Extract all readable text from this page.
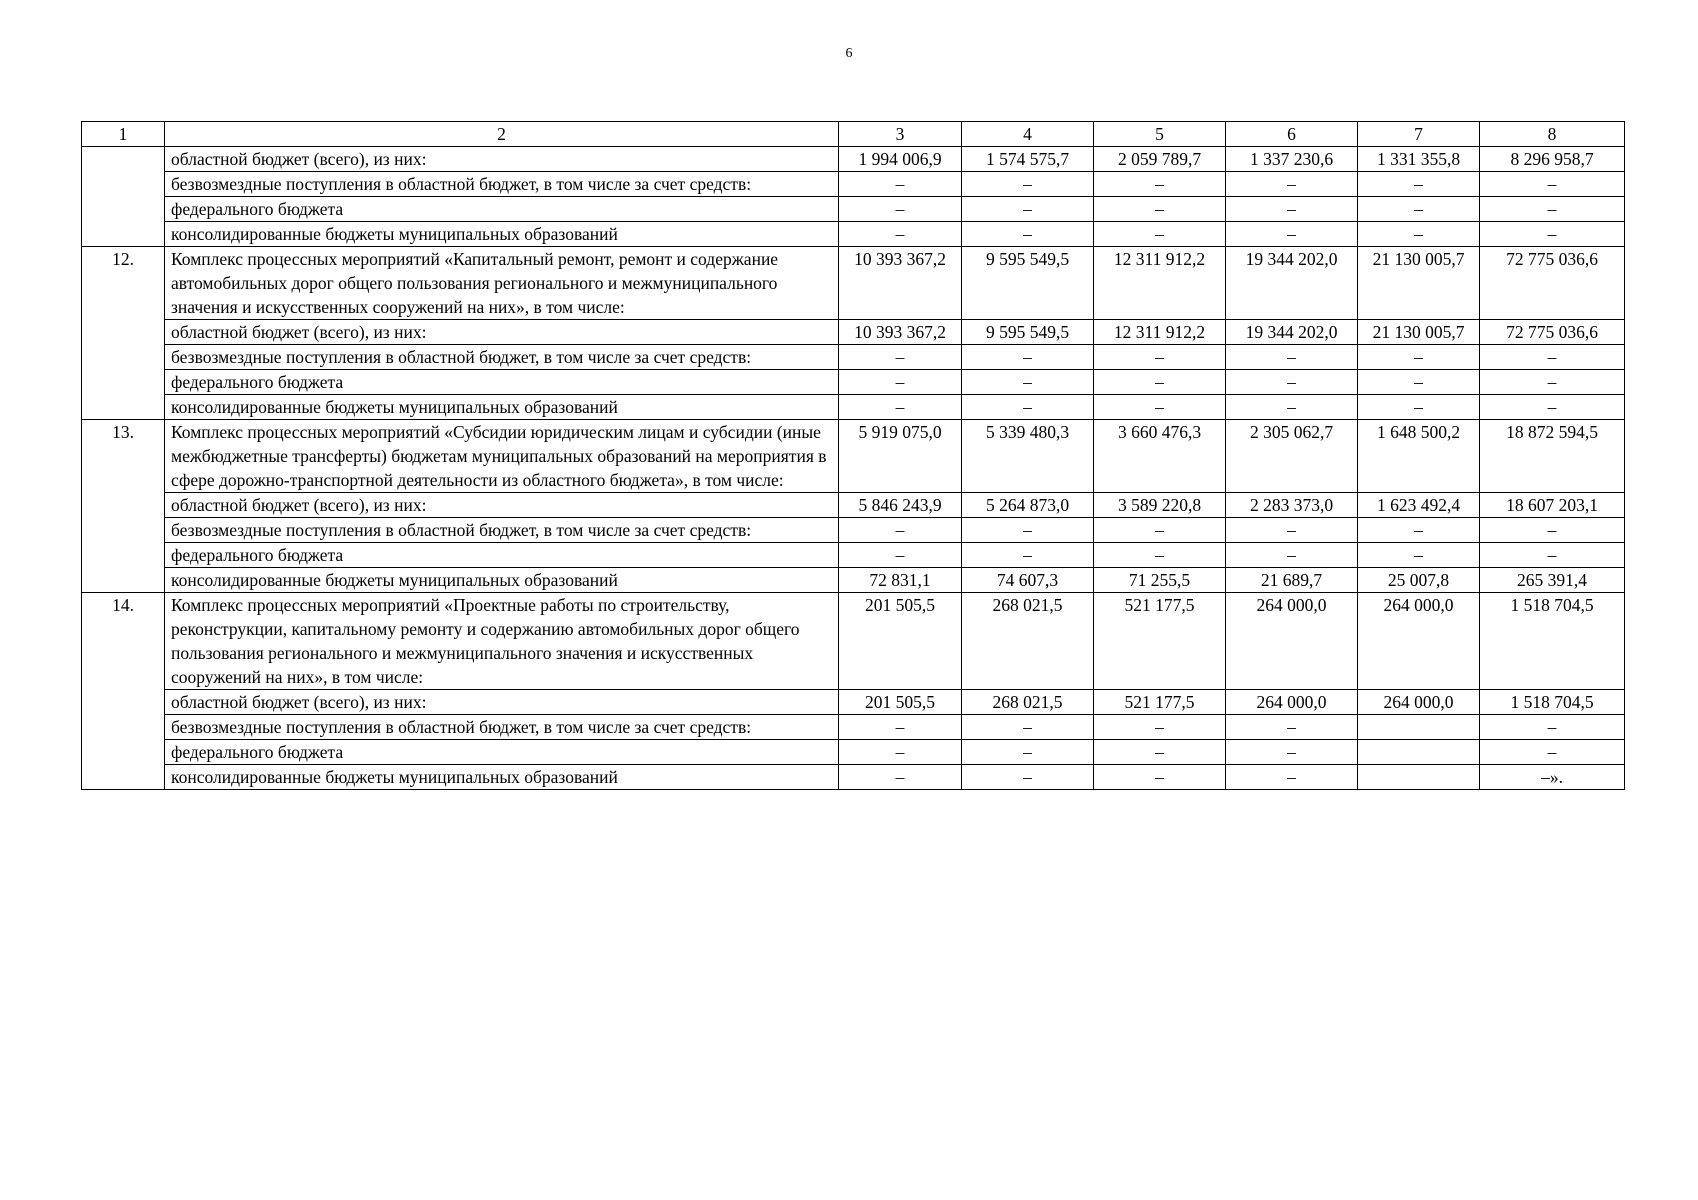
6
1	2	3	4	5	6	7	8
	областной бюджет (всего), из них:	1 994 006,9	1 574 575,7	2 059 789,7	1 337 230,6	1 331 355,8	8 296 958,7
	безвозмездные поступления в областной бюджет, в том числе за счет средств:	–	–	–	–	–	–
	федерального бюджета	–	–	–	–	–	–
	консолидированные бюджеты муниципальных образований	–	–	–	–	–	–
12.	Комплекс процессных мероприятий «Капитальный ремонт, ремонт и содержание автомобильных дорог общего пользования регионального и межмуниципального значения и искусственных сооружений на них», в том числе:	10 393 367,2	9 595 549,5	12 311 912,2	19 344 202,0	21 130 005,7	72 775 036,6
	областной бюджет (всего), из них:	10 393 367,2	9 595 549,5	12 311 912,2	19 344 202,0	21 130 005,7	72 775 036,6
	безвозмездные поступления в областной бюджет, в том числе за счет средств:	–	–	–	–	–	–
	федерального бюджета	–	–	–	–	–	–
	консолидированные бюджеты муниципальных образований	–	–	–	–	–	–
13.	Комплекс процессных мероприятий «Субсидии юридическим лицам и субсидии (иные межбюджетные трансферты) бюджетам муниципальных образований на мероприятия в сфере дорожно-транспортной деятельности из областного бюджета», в том числе:	5 919 075,0	5 339 480,3	3 660 476,3	2 305 062,7	1 648 500,2	18 872 594,5
	областной бюджет (всего), из них:	5 846 243,9	5 264 873,0	3 589 220,8	2 283 373,0	1 623 492,4	18 607 203,1
	безвозмездные поступления в областной бюджет, в том числе за счет средств:	–	–	–	–	–	–
	федерального бюджета	–	–	–	–	–	–
	консолидированные бюджеты муниципальных образований	72 831,1	74 607,3	71 255,5	21 689,7	25 007,8	265 391,4
14.	Комплекс процессных мероприятий «Проектные работы по строительству, реконструкции, капитальному ремонту и содержанию автомобильных дорог общего пользования регионального и межмуниципального значения и искусственных сооружений на них», в том числе:	201 505,5	268 021,5	521 177,5	264 000,0	264 000,0	1 518 704,5
	областной бюджет (всего), из них:	201 505,5	268 021,5	521 177,5	264 000,0	264 000,0	1 518 704,5
	безвозмездные поступления в областной бюджет, в том числе за счет средств:	–	–	–	–		–
	федерального бюджета	–	–	–	–		–
	консолидированные бюджеты муниципальных образований	–	–	–	–		–».
